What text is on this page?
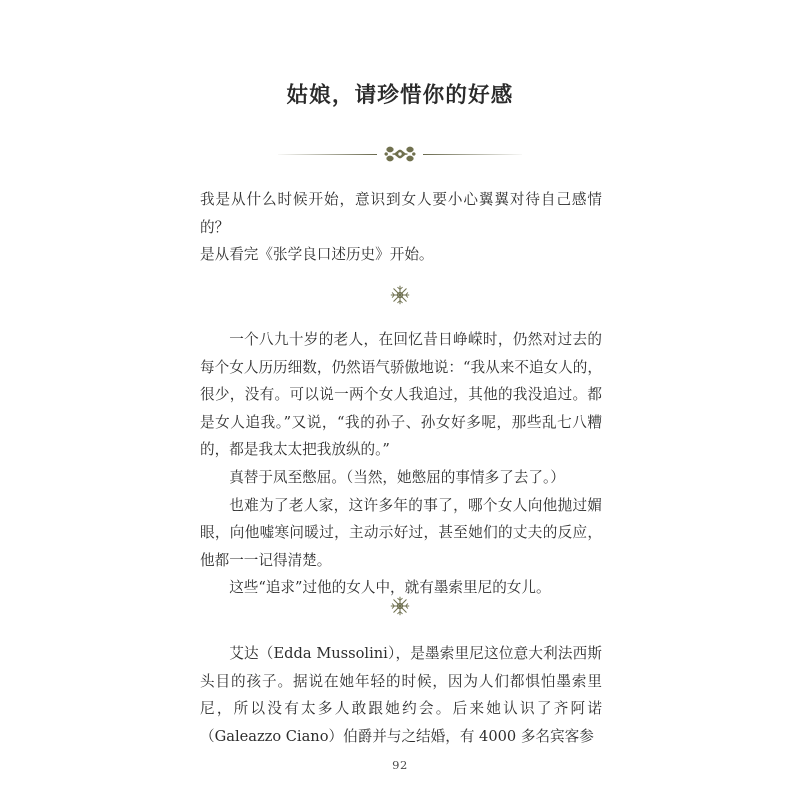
姑娘，请珍惜你的好感

我是从什么时候开始，意识到女人要小心翼翼对待自己感情的？

是从看完《张学良口述历史》开始。

一个八九十岁的老人，在回忆昔日峥嵘时，仍然对过去的每个女人历历细数，仍然语气骄傲地说：“我从来不追女人的，很少，没有。可以说一两个女人我追过，其他的我没追过。都是女人追我。”又说，“我的孙子、孙女好多呢，那些乱七八糟的，都是我太太把我放纵的。”

真替于凤至憋屈。（当然，她憋屈的事情多了去了。）

也难为了老人家，这许多年的事了，哪个女人向他抛过媚眼，向他嘘寒问暖过，主动示好过，甚至她们的丈夫的反应，他都一一记得清楚。

这些“追求”过他的女人中，就有墨索里尼的女儿。

艾达（Edda Mussolini），是墨索里尼这位意大利法西斯头目的孩子。据说在她年轻的时候，因为人们都惧怕墨索里尼，所以没有太多人敢跟她约会。后来她认识了齐阿诺（Galeazzo Ciano）伯爵并与之结婚，有 4000 多名宾客参

92
